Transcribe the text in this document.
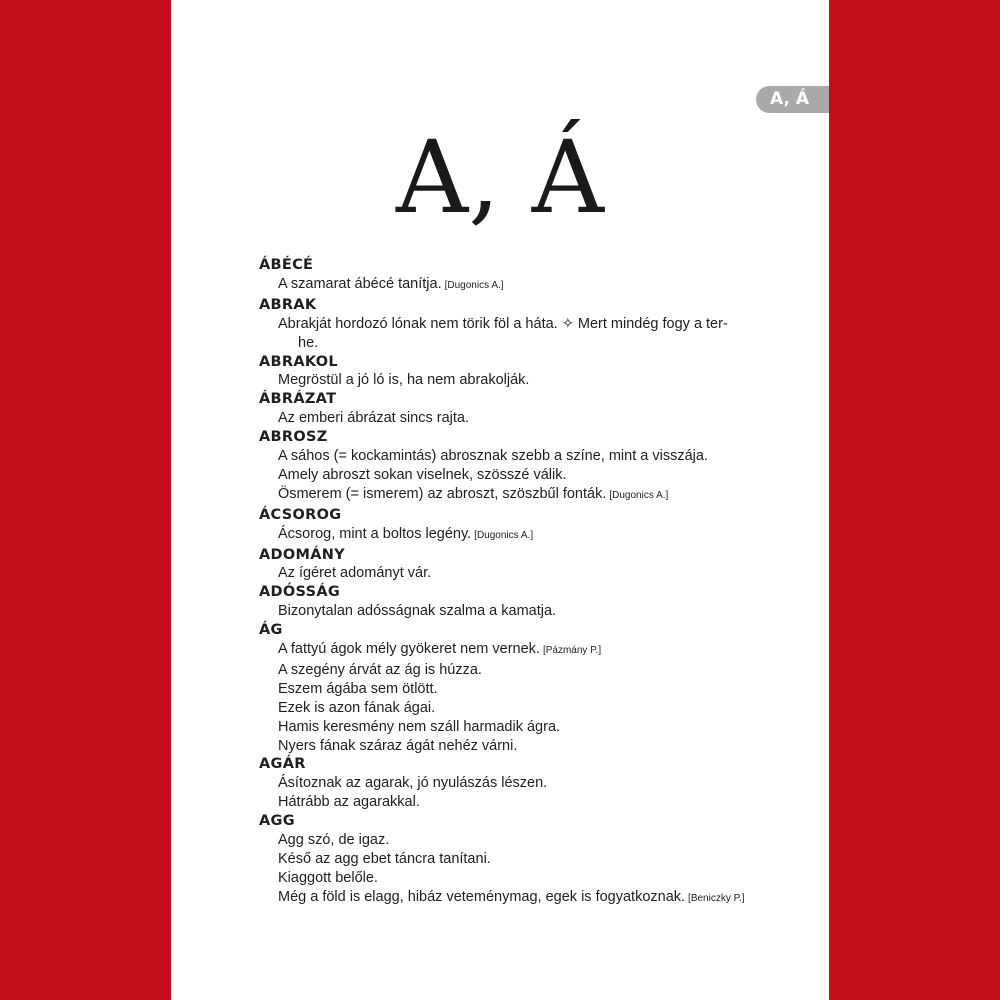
A, Á
A, Á
ÁBÉCÉ
A szamarat ábécé tanítja. [Dugonics A.]
ABRAK
Abrakját hordozó lónak nem törik föl a háta. ✧ Mert mindég fogy a ter-
he.
ABRAKOL
Megröstül a jó ló is, ha nem abrakolják.
ÁBRÁZAT
Az emberi ábrázat sincs rajta.
ABROSZ
A sáhos (= kockamintás) abrosznak szebb a színe, mint a visszája.
Amely abroszt sokan viselnek, szösszé válik.
Ösmerem (= ismerem) az abroszt, szöszbűl fonták. [Dugonics A.]
ÁCSOROG
Ácsorog, mint a boltos legény. [Dugonics A.]
ADOMÁNY
Az ígéret adományt vár.
ADÓSSÁG
Bizonytalan adósságnak szalma a kamatja.
ÁG
A fattyú ágok mély gyökeret nem vernek. [Pázmány P.]
A szegény árvát az ág is húzza.
Eszem ágába sem ötlött.
Ezek is azon fának ágai.
Hamis keresmény nem száll harmadik ágra.
Nyers fának száraz ágát nehéz várni.
AGÁR
Ásítoznak az agarak, jó nyulászás lészen.
Hátrább az agarakkal.
AGG
Agg szó, de igaz.
Késő az agg ebet táncra tanítani.
Kiaggott belőle.
Még a föld is elagg, hibáz veteménymag, egek is fogyatkoznak. [Beniczky P.]
